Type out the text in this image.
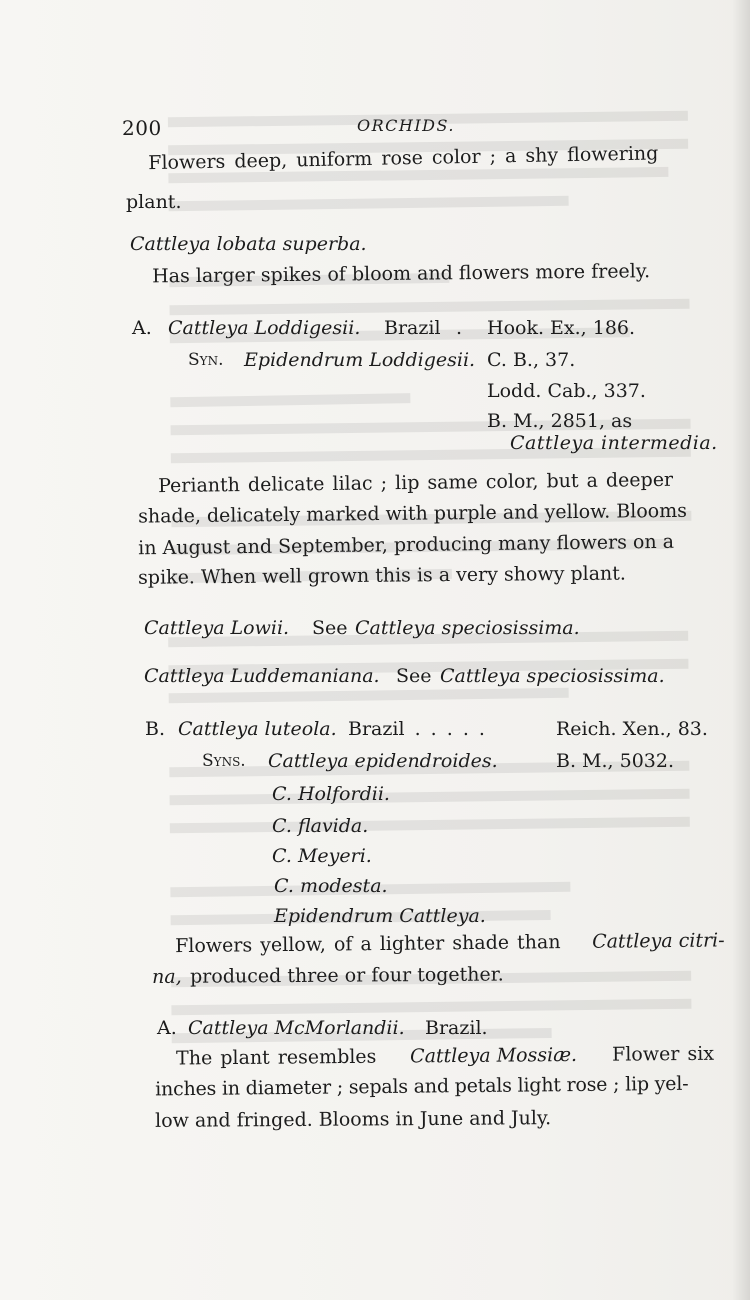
200	ORCHIDS.
Flowers deep, uniform rose color ; a shy flowering
plant.
Cattleya lobata superba.
Has larger spikes of bloom and flowers more freely.
A. Cattleya Loddigesii. Brazil . Hook. Ex., 186.
Syn. Epidendrum Loddigesii. C. B., 37.
Lodd. Cab., 337.
B. M., 2851, as
Cattleya intermedia.
Perianth delicate lilac ; lip same color, but a deeper
shade, delicately marked with purple and yellow. Blooms
in August and September, producing many flowers on a
spike. When well grown this is a very showy plant.
Cattleya Lowii. See Cattleya speciosissima.
Cattleya Luddemaniana. See Cattleya speciosissima.
B. Cattleya luteola. Brazil . . . . .	Reich. Xen., 83.
Syns. Cattleya epidendroides.	B. M., 5032.
C. Holfordii.
C. flavida.
C. Meyeri.
C. modesta.
Epidendrum Cattleya.
Flowers yellow, of a lighter shade than Cattleya citri-
na, produced three or four together.
A. Cattleya McMorlandii. Brazil.
The plant resembles Cattleya Mossiæ. Flower six
inches in diameter ; sepals and petals light rose ; lip yel-
low and fringed. Blooms in June and July.
